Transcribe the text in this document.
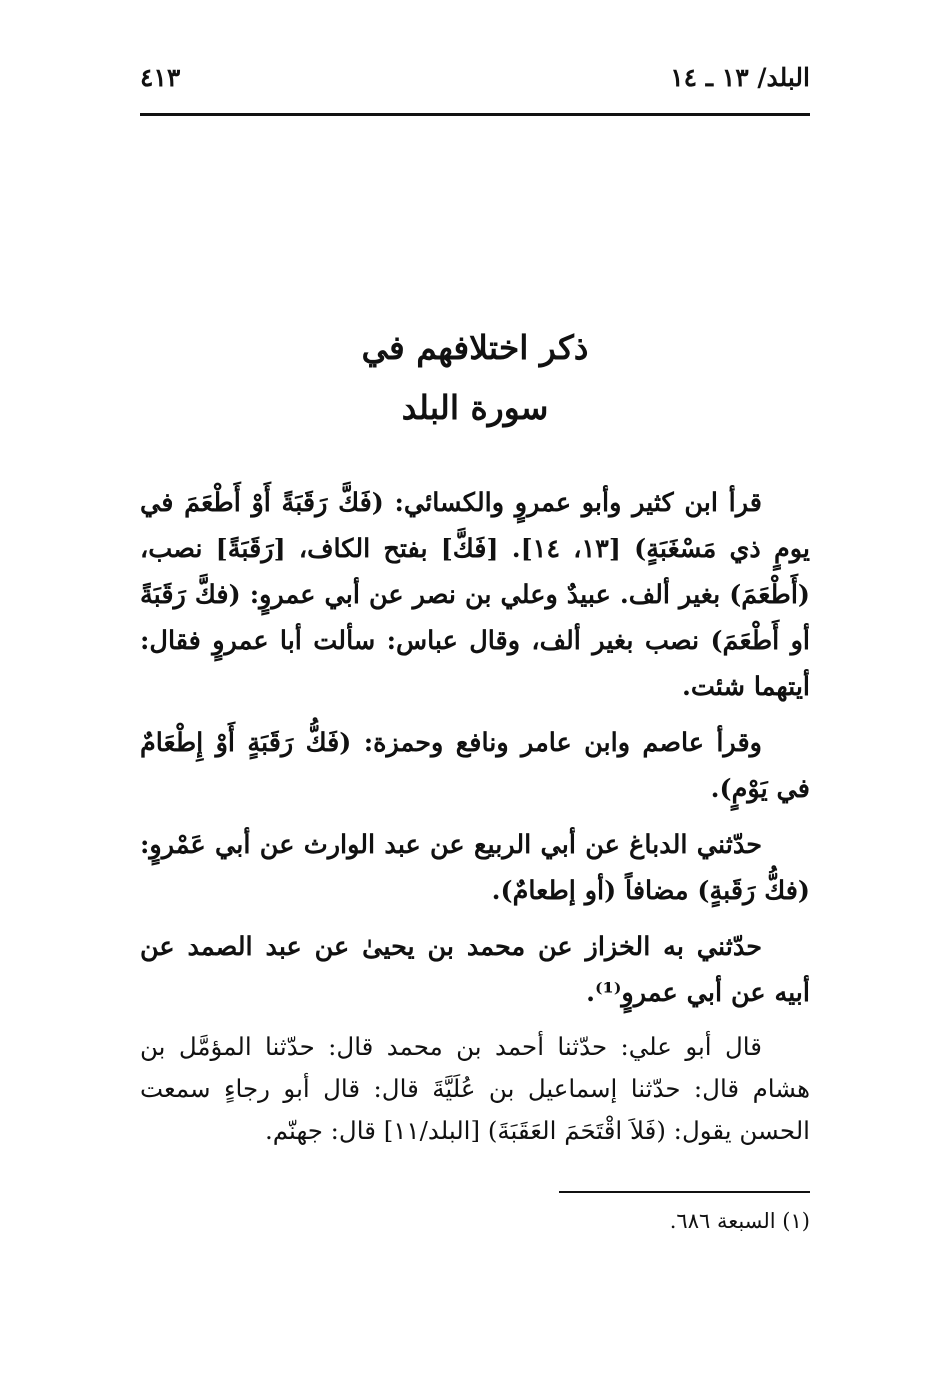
البلد/ ١٣ ـ ١٤
٤١٣
ذكر اختلافهم في
سورة البلد

قرأ ابن كثير وأبو عمروٍ والكسائي: (فَكَّ رَقَبَةً أَوْ أَطْعَمَ في يومٍ ذي مَسْغَبَةٍ) [١٣، ١٤]. [فَكَّ] بفتح الكاف، [رَقَبَةً] نصب، (أَطْعَمَ) بغير ألف. عبيدٌ وعلي بن نصر عن أبي عمروٍ: (فكَّ رَقَبَةً أو أَطْعَمَ) نصب بغير ألف، وقال عباس: سألت أبا عمروٍ فقال: أيتهما شئت.

وقرأ عاصم وابن عامر ونافع وحمزة: (فَكُّ رَقَبَةٍ أَوْ إِطْعَامٌ في يَوْمٍ).

حدّثني الدباغ عن أبي الربيع عن عبد الوارث عن أبي عَمْروٍ: (فكُّ رَقَبةٍ) مضافاً (أو إطعامٌ).

حدّثني به الخزاز عن محمد بن يحيىٰ عن عبد الصمد عن أبيه عن أبي عمروٍ⁽¹⁾.

قال أبو علي: حدّثنا أحمد بن محمد قال: حدّثنا المؤمَّل بن هشام قال: حدّثنا إسماعيل بن عُلَيَّةَ قال: قال أبو رجاءٍ سمعت الحسن يقول: (فَلاَ اقْتَحَمَ العَقَبَةَ) [البلد/١١] قال: جهنّم.

(١) السبعة ٦٨٦.
